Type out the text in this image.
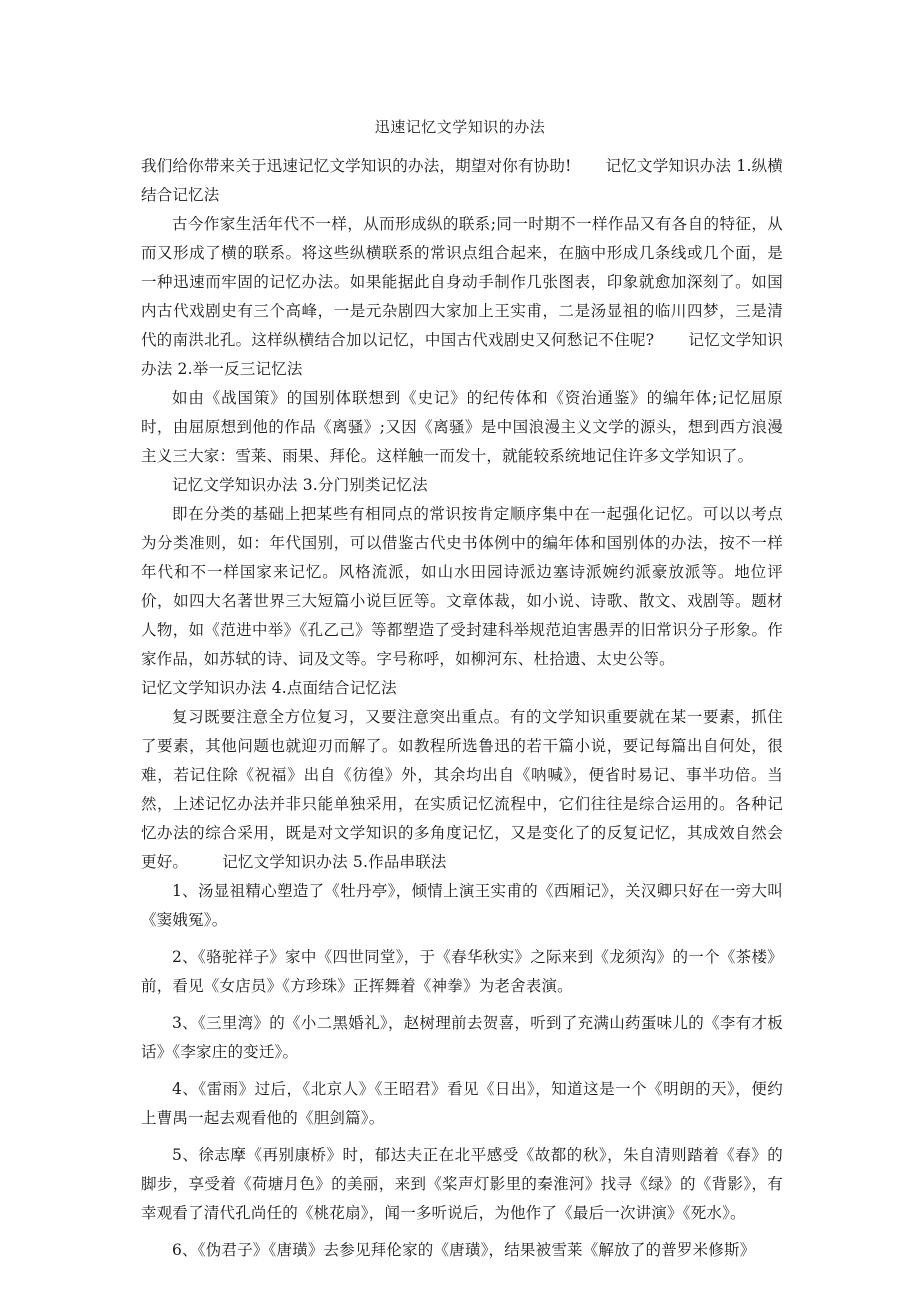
迅速记忆文学知识的办法

我们给你带来关于迅速记忆文学知识的办法，期望对你有协助! 记忆文学知识办法 1.纵横结合记忆法

古今作家生活年代不一样，从而形成纵的联系;同一时期不一样作品又有各自的特征，从而又形成了横的联系。将这些纵横联系的常识点组合起来，在脑中形成几条线或几个面，是一种迅速而牢固的记忆办法。如果能据此自身动手制作几张图表，印象就愈加深刻了。如国内古代戏剧史有三个高峰，一是元杂剧四大家加上王实甫，二是汤显祖的临川四梦，三是清代的南洪北孔。这样纵横结合加以记忆，中国古代戏剧史又何愁记不住呢? 记忆文学知识办法 2.举一反三记忆法

如由《战国策》的国别体联想到《史记》的纪传体和《资治通鉴》的编年体;记忆屈原时，由屈原想到他的作品《离骚》;又因《离骚》是中国浪漫主义文学的源头，想到西方浪漫主义三大家：雪莱、雨果、拜伦。这样触一而发十，就能较系统地记住许多文学知识了。

记忆文学知识办法 3.分门别类记忆法

即在分类的基础上把某些有相同点的常识按肯定顺序集中在一起强化记忆。可以以考点为分类准则，如：年代国别，可以借鉴古代史书体例中的编年体和国别体的办法，按不一样年代和不一样国家来记忆。风格流派，如山水田园诗派边塞诗派婉约派豪放派等。地位评价，如四大名著世界三大短篇小说巨匠等。文章体裁，如小说、诗歌、散文、戏剧等。题材人物，如《范进中举》《孔乙己》等都塑造了受封建科举规范迫害愚弄的旧常识分子形象。作家作品，如苏轼的诗、词及文等。字号称呼，如柳河东、杜拾遗、太史公等。

记忆文学知识办法 4.点面结合记忆法

复习既要注意全方位复习，又要注意突出重点。有的文学知识重要就在某一要素，抓住了要素，其他问题也就迎刃而解了。如教程所选鲁迅的若干篇小说，要记每篇出自何处，很难，若记住除《祝福》出自《彷徨》外，其余均出自《呐喊》，便省时易记、事半功倍。当然，上述记忆办法并非只能单独采用，在实质记忆流程中，它们往往是综合运用的。各种记忆办法的综合采用，既是对文学知识的多角度记忆，又是变化了的反复记忆，其成效自然会更好。 记忆文学知识办法 5.作品串联法

1、汤显祖精心塑造了《牡丹亭》，倾情上演王实甫的《西厢记》，关汉卿只好在一旁大叫《窦娥冤》。

2、《骆驼祥子》家中《四世同堂》，于《春华秋实》之际来到《龙须沟》的一个《茶楼》前，看见《女店员》《方珍珠》正挥舞着《神拳》为老舍表演。

3、《三里湾》的《小二黑婚礼》，赵树理前去贺喜，听到了充满山药蛋味儿的《李有才板话》《李家庄的变迁》。

4、《雷雨》过后，《北京人》《王昭君》看见《日出》，知道这是一个《明朗的天》，便约上曹禺一起去观看他的《胆剑篇》。

5、徐志摩《再别康桥》时，郁达夫正在北平感受《故都的秋》，朱自清则踏着《春》的脚步，享受着《荷塘月色》的美丽，来到《桨声灯影里的秦淮河》找寻《绿》的《背影》，有幸观看了清代孔尚任的《桃花扇》，闻一多听说后，为他作了《最后一次讲演》《死水》。

6、《伪君子》《唐璜》去参见拜伦家的《唐璜》，结果被雪莱《解放了的普罗米修斯》
